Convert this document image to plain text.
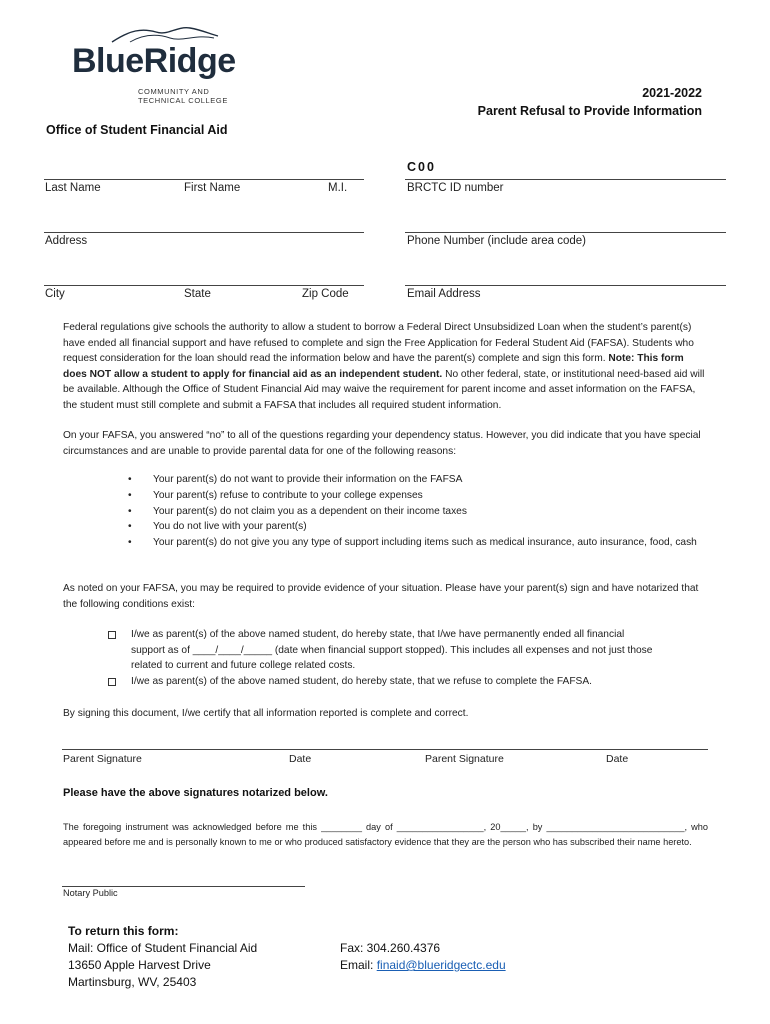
BlueRidge
COMMUNITY AND
TECHNICAL COLLEGE
2021-2022
Parent Refusal to Provide Information
Office of Student Financial Aid
C00
Last Name	First Name	M.I.	BRCTC ID number
Address	Phone Number (include area code)
City	State	Zip Code	Email Address

Federal regulations give schools the authority to allow a student to borrow a Federal Direct Unsubsidized Loan when the student’s parent(s) have ended all financial support and have refused to complete and sign the Free Application for Federal Student Aid (FAFSA). Students who request consideration for the loan should read the information below and have the parent(s) complete and sign this form. Note: This form does NOT allow a student to apply for financial aid as an independent student. No other federal, state, or institutional need-based aid will be available. Although the Office of Student Financial Aid may waive the requirement for parent income and asset information on the FAFSA, the student must still complete and submit a FAFSA that includes all required student information.

On your FAFSA, you answered “no” to all of the questions regarding your dependency status. However, you did indicate that you have special circumstances and are unable to provide parental data for one of the following reasons:
• Your parent(s) do not want to provide their information on the FAFSA
• Your parent(s) refuse to contribute to your college expenses
• Your parent(s) do not claim you as a dependent on their income taxes
• You do not live with your parent(s)
• Your parent(s) do not give you any type of support including items such as medical insurance, auto insurance, food, cash
As noted on your FAFSA, you may be required to provide evidence of your situation. Please have your parent(s) sign and have notarized that the following conditions exist:
I/we as parent(s) of the above named student, do hereby state, that I/we have permanently ended all financial support as of ____/____/_____ (date when financial support stopped). This includes all expenses and not just those related to current and future college related costs.
I/we as parent(s) of the above named student, do hereby state, that we refuse to complete the FAFSA.
By signing this document, I/we certify that all information reported is complete and correct.
Parent Signature	Date	Parent Signature	Date
Please have the above signatures notarized below.
The foregoing instrument was acknowledged before me this ________ day of _________________, 20_____, by ___________________________, who appeared before me and is personally known to me or who produced satisfactory evidence that they are the person who has subscribed their name hereto.
Notary Public
To return this form:
Mail: Office of Student Financial Aid
13650 Apple Harvest Drive
Martinsburg, WV, 25403
Fax: 304.260.4376
Email: finaid@blueridgectc.edu
